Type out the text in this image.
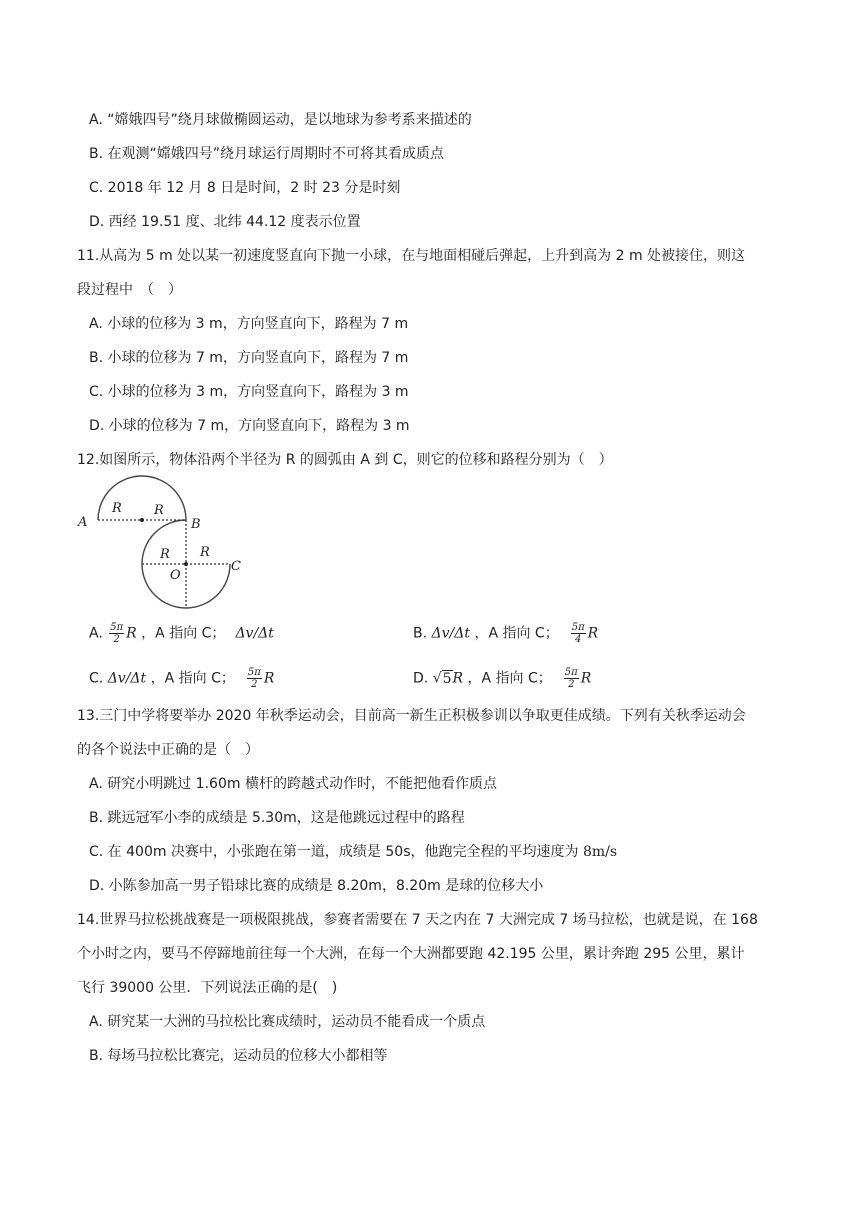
A. “嫦娥四号”绕月球做椭圆运动，是以地球为参考系来描述的
B. 在观测“嫦娥四号”绕月球运行周期时不可将其看成质点
C. 2018 年 12 月 8 日是时间，2 时 23 分是时刻
D. 西经 19.51 度、北纬 44.12 度表示位置
11.从高为 5 m 处以某一初速度竖直向下抛一小球，在与地面相碰后弹起，上升到高为 2 m 处被接住，则这
段过程中　（　）
A. 小球的位移为 3 m，方向竖直向下，路程为 7 m
B. 小球的位移为 7 m，方向竖直向下，路程为 7 m
C. 小球的位移为 3 m，方向竖直向下，路程为 3 m
D. 小球的位移为 7 m，方向竖直向下，路程为 3 m
12.如图所示，物体沿两个半径为 R 的圆弧由 A 到 C，则它的位移和路程分别为（　）
A	B
C
O
R R
R R
A. $\frac{5\pi}{2}$ R ，A 指向 C； Δv/Δt	B. Δv/Δt ，A 指向 C； $\frac{5\pi}{4}$ R
C. Δv/Δt ，A 指向 C； $\frac{5\pi}{2}$ R	D. √5R ，A 指向 C； $\frac{5\pi}{2}$ R
13.三门中学将要举办 2020 年秋季运动会，目前高一新生正积极参训以争取更佳成绩。下列有关秋季运动会
的各个说法中正确的是（　）
A. 研究小明跳过 1.60m 横杆的跨越式动作时，不能把他看作质点
B. 跳远冠军小李的成绩是 5.30m，这是他跳远过程中的路程
C. 在 400m 决赛中，小张跑在第一道，成绩是 50s，他跑完全程的平均速度为 8m/s
D. 小陈参加高一男子铅球比赛的成绩是 8.20m，8.20m 是球的位移大小
14.世界马拉松挑战赛是一项极限挑战，参赛者需要在 7 天之内在 7 大洲完成 7 场马拉松，也就是说，在 168
个小时之内，要马不停蹄地前往每一个大洲，在每一个大洲都要跑 42.195 公里，累计奔跑 295 公里，累计
飞行 39000 公里．下列说法正确的是(　)
A. 研究某一大洲的马拉松比赛成绩时，运动员不能看成一个质点
B. 每场马拉松比赛完，运动员的位移大小都相等
